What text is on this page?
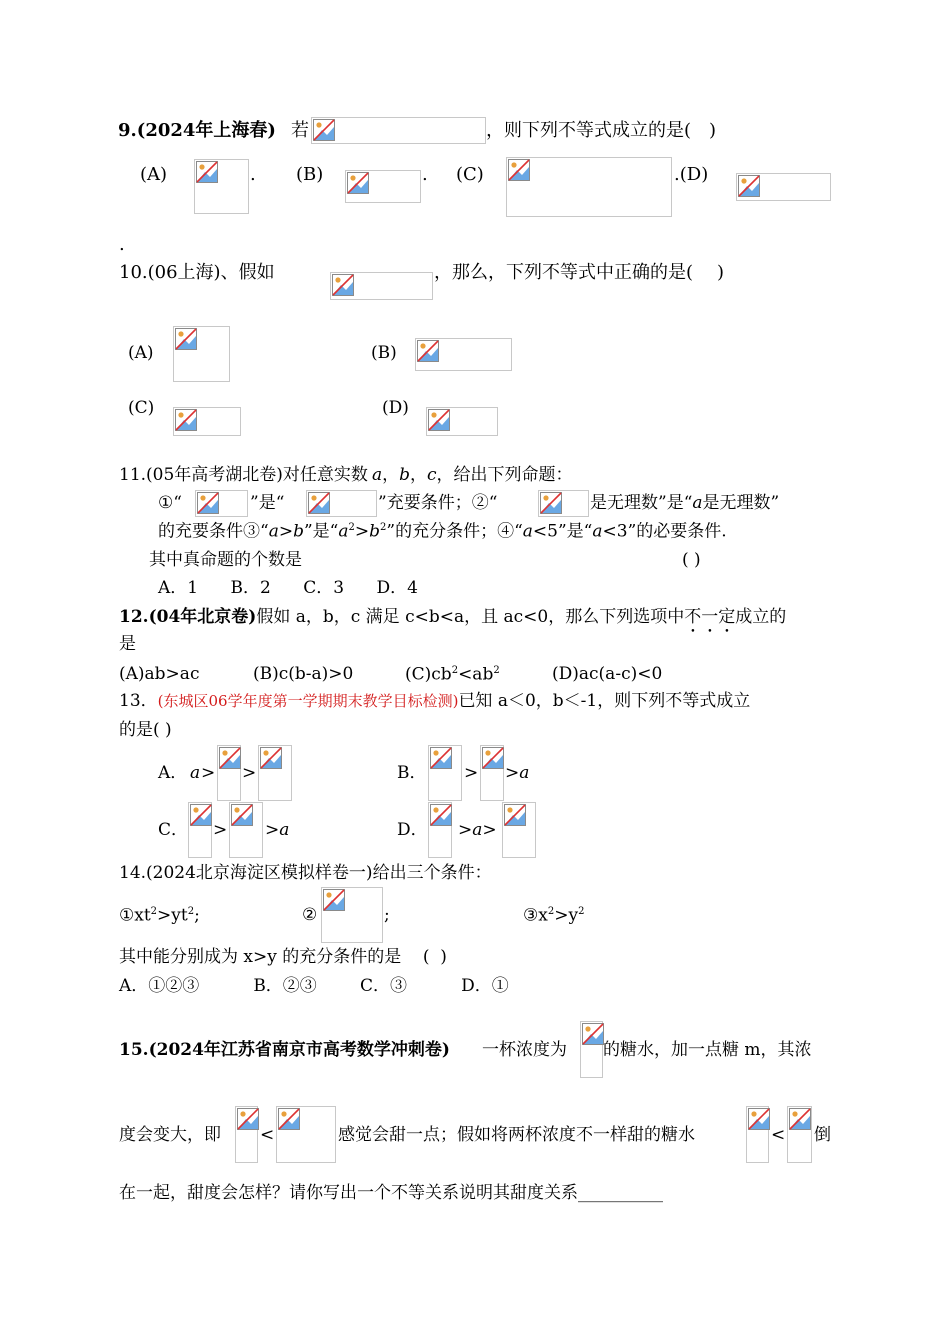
9.(2024年上海春) 若	，则下列不等式成立的是( )
(A)	. (B)	. (C)	.(D)
.
10.(06上海)、假如	，那么，下列不等式中正确的是( )
(A)	(B)
(C)	(D)
11.(05年高考湖北卷)对任意实数 a，b，c，给出下列命题：
①“	”是“	”充要条件；②“	是无理数”是“a是无理数”
的充要条件③“a>b”是“$a^2>b^2$”的充分条件；④“a<5”是“a<3”的必要条件.
其中真命题的个数是	( )
A．1      B．2      C．3      D．4
12.(04年北京卷)假如 a，b，c 满足 c<b<a，且 ac<0，那么下列选项中不一定成立的
是
(A)ab>ac	(B)c(b-a)>0	$(C)cb^2<ab^2$	(D)ac(a-c)<0
13．(东城区06学年度第一学期期末教学目标检测)已知 a＜0，b＜-1，则下列不等式成立
的是( )
A． a > >	B． > >a
C． > >a	D． >a>
14.(2024北京海淀区模拟样卷一)给出三个条件：
$①xt^2>yt^2$;	②	;	$③x^2>y^2$
其中能分别成为 x>y 的充分条件的是    (  )
A．①②③          B．②③        C．③          D．①
15.(2024年江苏省南京市高考数学冲刺卷) 一杯浓度为 的糖水，加一点糖 m，其浓
度会变大，即 <	感觉会甜一点；假如将两杯浓度不一样甜的糖水	< 倒
在一起，甜度会怎样？请你写出一个不等关系说明其甜度关系__________
